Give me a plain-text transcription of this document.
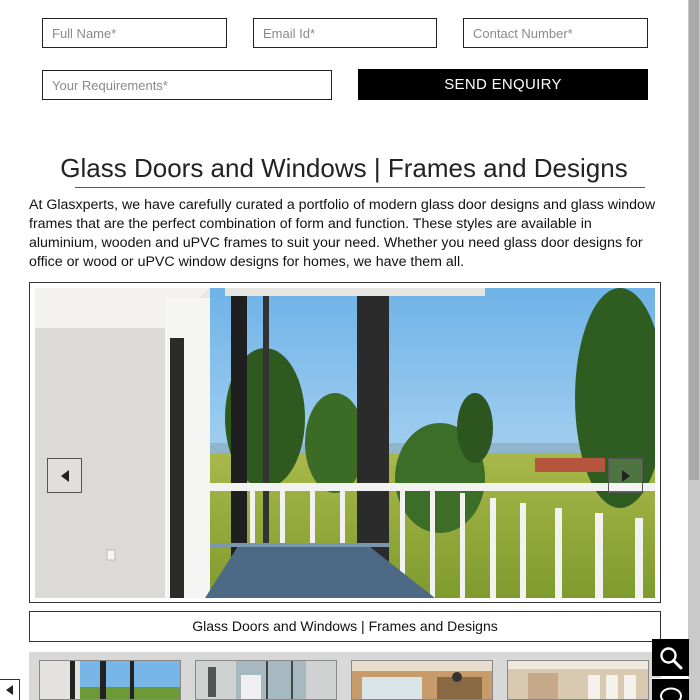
Full Name*
Email Id*
Contact Number*
Your Requirements*
SEND ENQUIRY
Glass Doors and Windows | Frames and Designs

At Glasxperts, we have carefully curated a portfolio of modern glass door designs and glass window frames that are the perfect combination of form and function. These styles are available in aluminium, wooden and uPVC frames to suit your need. Whether you need glass door designs for office or wood or uPVC window designs for homes, we have them all.

Glass Doors and Windows | Frames and Designs
